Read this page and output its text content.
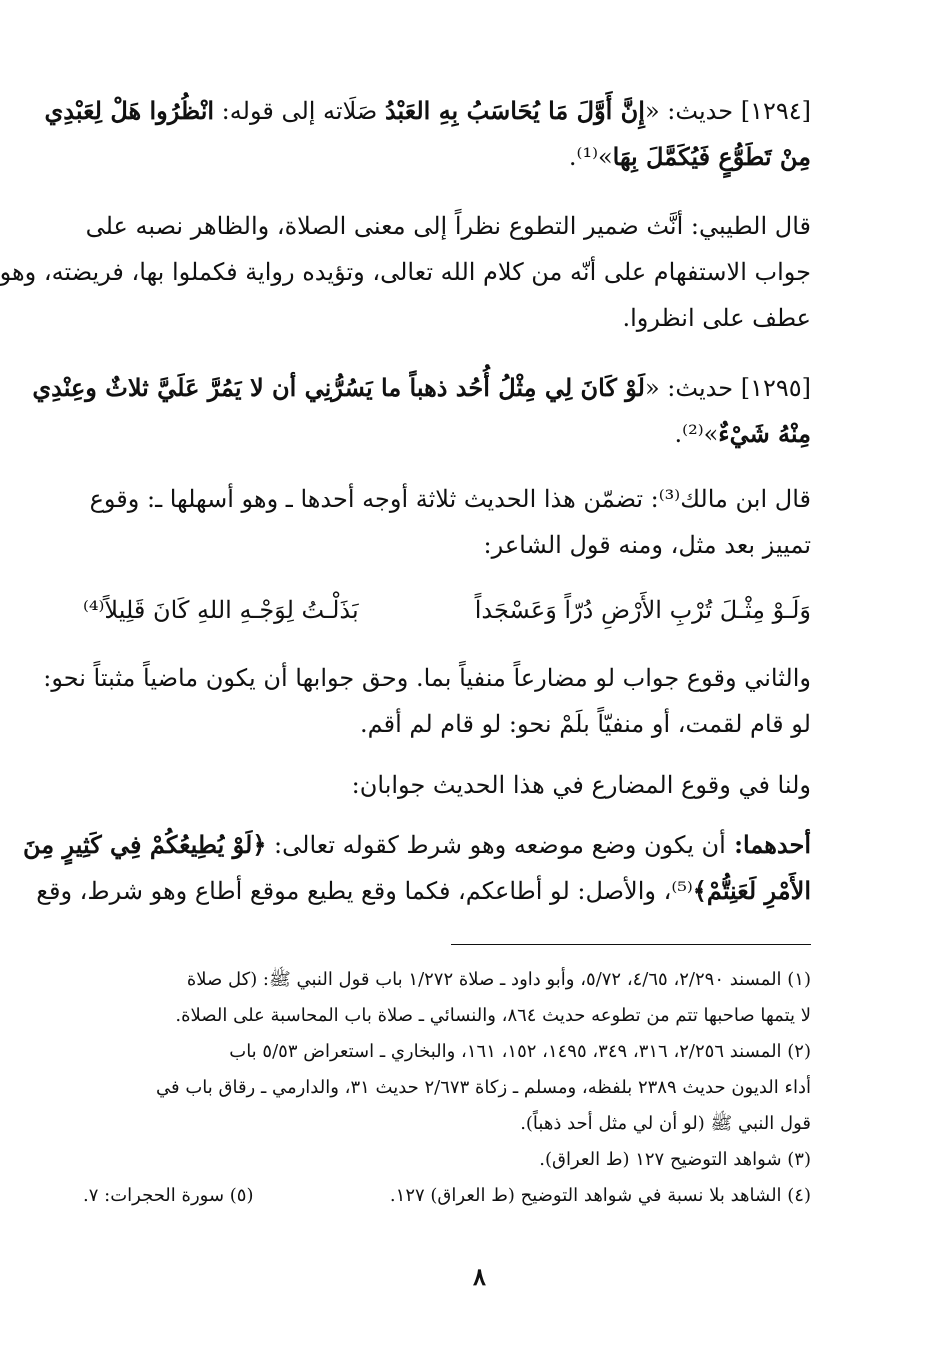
[١٢٩٤] حديث: «إِنَّ أَوَّلَ مَا يُحَاسَبُ بِهِ العَبْدُ صَلَاته إلى قوله: انْظُرُوا هَلْ لِعَبْدِي
مِنْ تَطَوُّعٍ فَيُكَمَّلَ بِهَا»⁽¹⁾.
قال الطيبي: أنَّث ضمير التطوع نظراً إلى معنى الصلاة، والظاهر نصبه على
جواب الاستفهام على أنّه من كلام الله تعالى، وتؤيده رواية فكملوا بها، فريضته، وهو
عطف على انظروا.
[١٢٩٥] حديث: «لَوْ كَانَ لِي مِثْلُ أُحُد ذهباً ما يَسُرُّنِي أن لا يَمُرَّ عَلَيَّ ثلاثٌ وعِنْدِي
مِنْهُ شَيْءٌ»⁽²⁾.
قال ابن مالك⁽³⁾: تضمّن هذا الحديث ثلاثة أوجه أحدها ـ وهو أسهلها ـ: وقوع
تمييز بعد مثل، ومنه قول الشاعر:
وَلَـوْ مِثْـلَ تُرْبِ الأَرْضِ دُرّاً وَعَسْجَداً
بَذَلْـتُ لِوَجْـهِ اللهِ كَانَ قَلِيلاً⁽⁴⁾
والثاني وقوع جواب لو مضارعاً منفياً بما. وحق جوابها أن يكون ماضياً مثبتاً نحو:
لو قام لقمت، أو منفيّاً بلَمْ نحو: لو قام لم أقم.
ولنا في وقوع المضارع في هذا الحديث جوابان:
أحدهما: أن يكون وضع موضعه وهو شرط كقوله تعالى: ﴿لَوْ يُطِيعُكُمْ فِي كَثِيرٍ مِنَ
الأَمْرِ لَعَنِتُّمْ﴾⁽⁵⁾، والأصل: لو أطاعكم، فكما وقع يطيع موقع أطاع وهو شرط، وقع
(١) المسند ٢/٢٩٠، ٤/٦٥، ٥/٧٢، وأبو داود ـ صلاة ١/٢٧٢ باب قول النبي ﷺ: (كل صلاة
لا يتمها صاحبها تتم من تطوعه حديث ٨٦٤، والنسائي ـ صلاة باب المحاسبة على الصلاة.
(٢) المسند ٢/٢٥٦، ٣١٦، ٣٤٩، ١٤٩٥، ١٥٢، ١٦١، والبخاري ـ استعراض ٥/٥٣ باب
أداء الديون حديث ٢٣٨٩ بلفظه، ومسلم ـ زكاة ٢/٦٧٣ حديث ٣١، والدارمي ـ رقاق باب في
قول النبي ﷺ (لو أن لي مثل أحد ذهباً).
(٣) شواهد التوضيح ١٢٧ (ط العراق).
(٤) الشاهد بلا نسبة في شواهد التوضيح (ط العراق) ١٢٧.
(٥) سورة الحجرات: ٧.
٨
